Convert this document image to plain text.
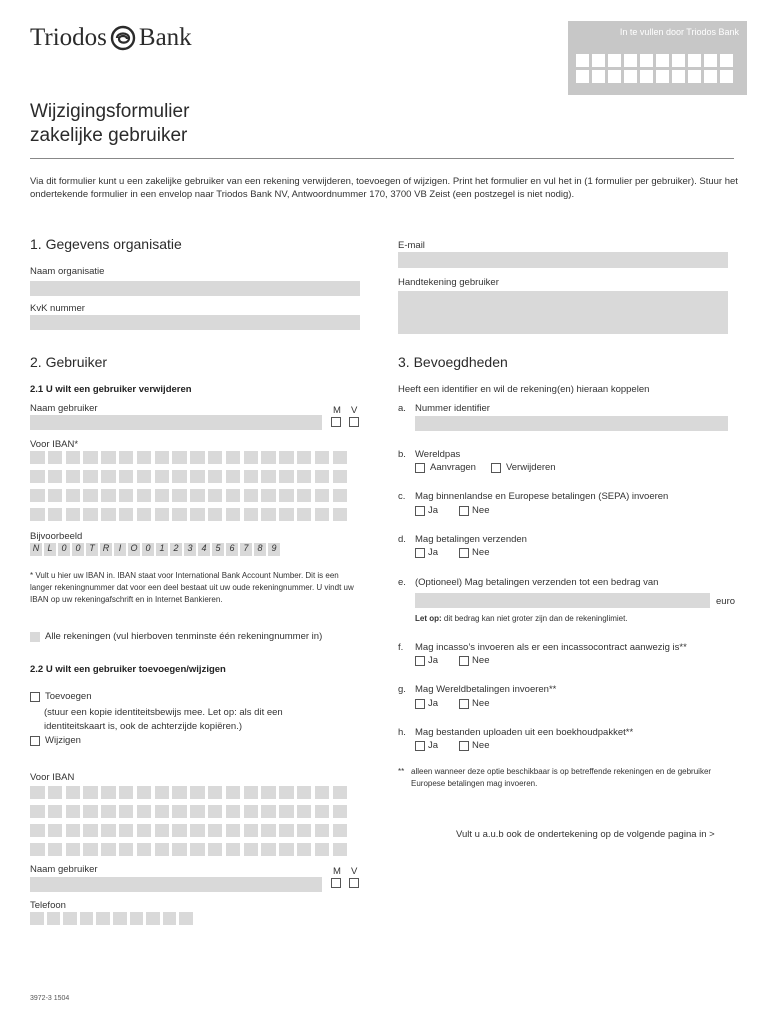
Triodos Bank	In te vullen door Triodos Bank
Wijzigingsformulier
zakelijke gebruiker
Via dit formulier kunt u een zakelijke gebruiker van een rekening verwijderen, toevoegen of wijzigen. Print het formulier en vul het in (1 formulier per gebruiker). Stuur het ondertekende formulier in een envelop naar Triodos Bank NV, Antwoordnummer 170, 3700 VB Zeist (een postzegel is niet nodig).
1. Gegevens organisatie
Naam organisatie
KvK nummer
E-mail
Handtekening gebruiker
2. Gebruiker
2.1 U wilt een gebruiker verwijderen
Naam gebruiker	M V
Voor IBAN*
Bijvoorbeeld
N L 0 0 T R	I	O 0 1 2 3 4 5 6 7 8 9
* Vult u hier uw IBAN in. IBAN staat voor International Bank Account Number. Dit is een langer rekeningnummer dat voor een deel bestaat uit uw oude rekeningnummer. U vindt uw IBAN op uw rekeningafschrift en in Internet Bankieren.
Alle rekeningen (vul hierboven tenminste één rekeningnummer in)
2.2 U wilt een gebruiker toevoegen/wijzigen
Toevoegen
(stuur een kopie identiteitsbewijs mee. Let op: als dit een identiteitskaart is, ook de achterzijde kopiëren.)
Wijzigen
Voor IBAN
Naam gebruiker	M V
Telefoon
3972-3 1504
3. Bevoegdheden
Heeft een identifier en wil de rekening(en) hieraan koppelen
a. Nummer identifier
b. Wereldpas
Aanvragen	Verwijderen
c. Mag binnenlandse en Europese betalingen (SEPA) invoeren
Ja	Nee
d. Mag betalingen verzenden
Ja	Nee
e. (Optioneel) Mag betalingen verzenden tot een bedrag van
euro
Let op: dit bedrag kan niet groter zijn dan de rekeninglimiet.
f. Mag incasso’s invoeren als er een incassocontract aanwezig is**
Ja	Nee
g. Mag Wereldbetalingen invoeren**
Ja	Nee
h. Mag bestanden uploaden uit een boekhoudpakket**
Ja	Nee
** alleen wanneer deze optie beschikbaar is op betreffende rekeningen en de gebruiker Europese betalingen mag invoeren.
Vult u a.u.b ook de ondertekening op de volgende pagina in >
